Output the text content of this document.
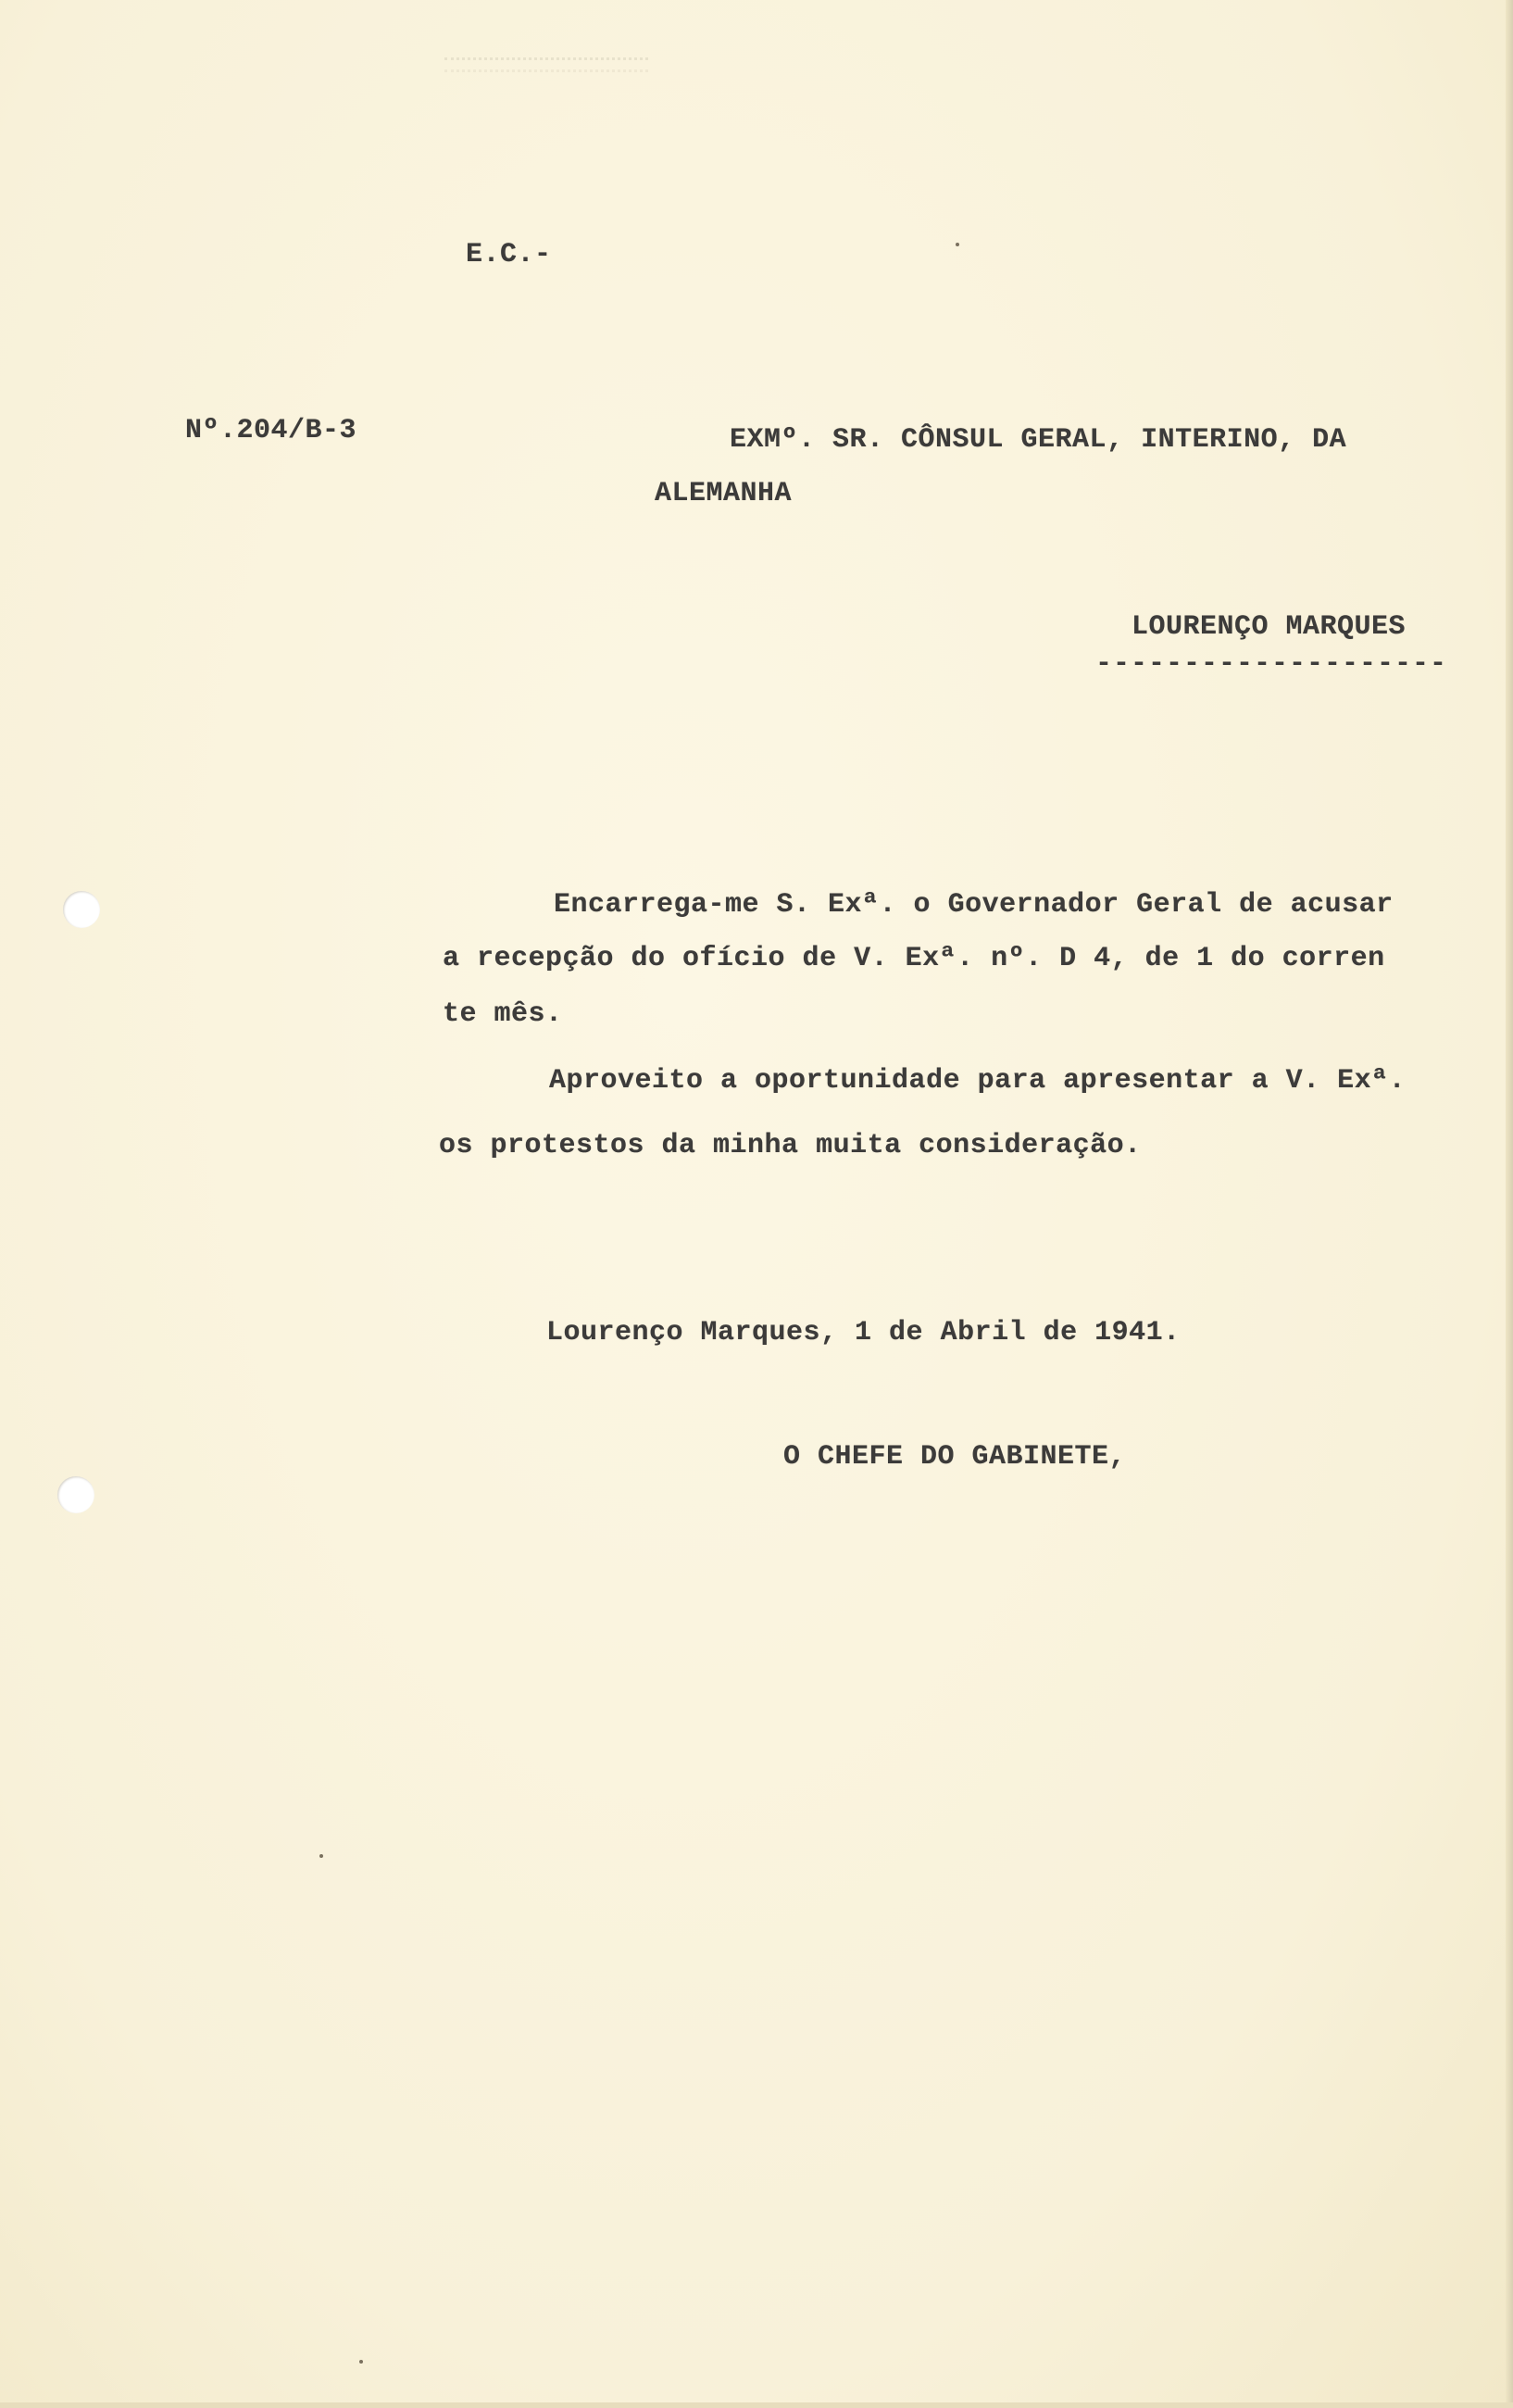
E.C.-
Nº.204/B-3	EXMº. SR. CÔNSUL GERAL, INTERINO, DA
ALEMANHA
LOURENÇO MARQUES
--------------------
Encarrega-me S. Exª. o Governador Geral de acusar
a recepção do ofício de V. Exª. nº. D 4, de 1 do corren
te mês.
Aproveito a oportunidade para apresentar a V. Exª.
os protestos da minha muita consideração.
Lourenço Marques, 1 de Abril de 1941.
O CHEFE DO GABINETE,
